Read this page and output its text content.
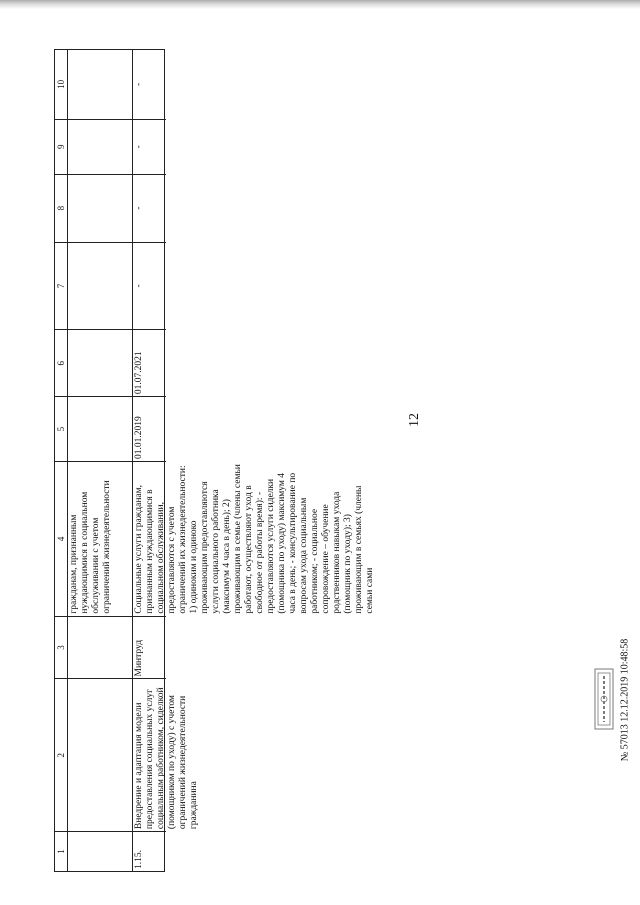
12
№ 57013 12.12.2019 10:48:58
1
2
3
4
5
6
7
8
9
10
гражданам, признанным нуждающимися в социальном обслуживании с учетом ограничений жизнедеятельности
1.15.
Внедрение и адаптация модели предоставления социальных услуг социальным работником, сиделкой (помощником по уходу) с учетом ограничений жизнедеятельности гражданина
Минтруд
Социальные услуги гражданам, признанным нуждающимися в социальном обслуживании, предоставляются с учетом ограничений их жизнедеятельности: 1) одиноким и одиноко проживающим предоставляются услуги социального работника (максимум 4 часа в день); 2) проживающим в семье (члены семьи работают, осуществляют уход в свободное от работы время): - предоставляются услуги сиделки (помощника по уходу) максимум 4 часа в день; - консультирование по вопросам ухода социальным работником; - социальное сопровождение – обучение родственников навыкам ухода (помощник по уходу); 3) проживающим в семьях (члены семьи сами
01.01.2019
01.07.2021
-
-
-
-
